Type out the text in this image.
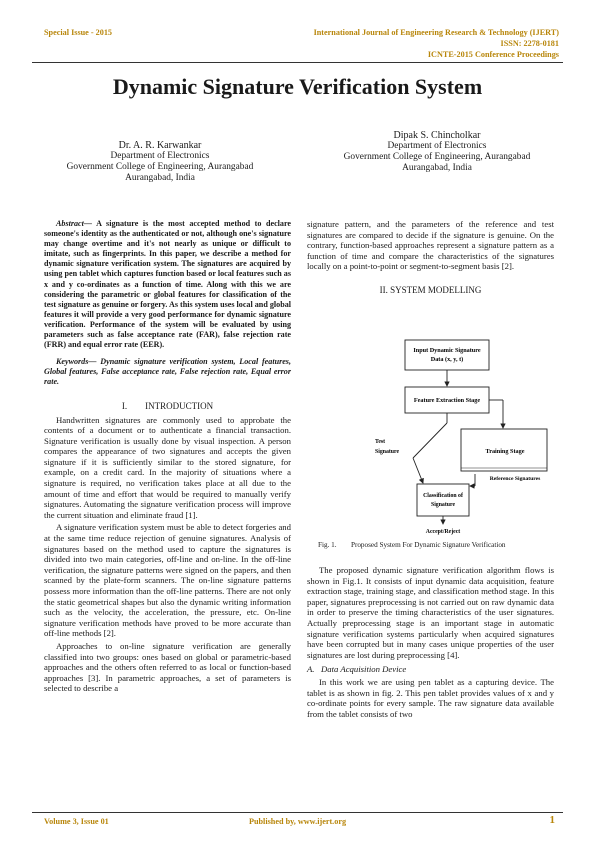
Special Issue - 2015	International Journal of Engineering Research & Technology (IJERT)
ISSN: 2278-0181
ICNTE-2015 Conference Proceedings
Dynamic Signature Verification System
Dr. A. R. Karwankar
Department of Electronics
Government College of Engineering, Aurangabad
Aurangabad, India
Dipak S. Chincholkar
Department of Electronics
Government College of Engineering, Aurangabad
Aurangabad, India

Abstract— A signature is the most accepted method to declare someone's identity as the authenticated or not, although one's signature may change overtime and it's not nearly as unique or difficult to imitate, such as fingerprints. In this paper, we describe a method for dynamic signature verification system. The signatures are acquired by using pen tablet which captures function based or local features such as x and y co-ordinates as a function of time. Along with this we are considering the parametric or global features for classification of the test signature as genuine or forgery. As this system uses local and global features it will provide a very good performance for dynamic signature verification. Performance of the system will be evaluated by using parameters such as false acceptance rate (FAR), false rejection rate (FRR) and equal error rate (EER).

Keywords— Dynamic signature verification system, Local features, Global features, False acceptance rate, False rejection rate, Equal error rate.

I.        INTRODUCTION

Handwritten signatures are commonly used to approbate the contents of a document or to authenticate a financial transaction. Signature verification is usually done by visual inspection. A person compares the appearance of two signatures and accepts the given signature if it is sufficiently similar to the stored signature, for example, on a credit card. In the majority of situations where a signature is required, no verification takes place at all due to the amount of time and effort that would be required to manually verify signatures. Automating the signature verification process will improve the current situation and eliminate fraud [1].

A signature verification system must be able to detect forgeries and at the same time reduce rejection of genuine signatures. Analysis of signatures based on the method used to capture the signatures is divided into two main categories, off-line and on-line. In the off-line verification, the signature patterns were signed on the papers, and then scanned by the plate-form scanners. The on-line signature patterns possess more information than the off-line patterns. There are not only the static geometrical shapes but also the dynamic writing information such as the velocity, the acceleration, the pressure, etc. On-line signature verification methods have proved to be more accurate than off-line methods [2].

Approaches to on-line signature verification are generally classified into two groups: ones based on global or parametric-based approaches and the others often referred to as local or function-based approaches [3]. In parametric approaches, a set of parameters is selected to describe a

signature pattern, and the parameters of the reference and test signatures are compared to decide if the signature is genuine. On the contrary, function-based approaches represent a signature pattern as a function of time and compare the characteristics of the signatures locally on a point-to-point or segment-to-segment basis [2].

II. SYSTEM MODELLING

Input Dynamic Signature
Data (x, y, t)
Feature Extraction Stage
Training Stage
Reference Signatures
Test
Signature
Classification of
Signature
Accept/Reject
Fig. 1.        Proposed System For Dynamic Signature Verification

The proposed dynamic signature verification algorithm flows is shown in Fig.1. It consists of input dynamic data acquisition, feature extraction stage, training stage, and classification method stage. In this paper, signatures preprocessing is not carried out on raw dynamic data in order to preserve the timing characteristics of the user signatures. Actually preprocessing stage is an important stage in automatic signature verification systems particularly when acquired signatures have been corrupted but in many cases unique properties of the user signatures are lost during preprocessing [4].

A.   Data Acquisition Device

In this work we are using pen tablet as a capturing device. The tablet is as shown in fig. 2. This pen tablet provides values of x and y co-ordinate points for every sample. The raw signature data available from the tablet consists of two

Volume 3, Issue 01	Published by, www.ijert.org	1
